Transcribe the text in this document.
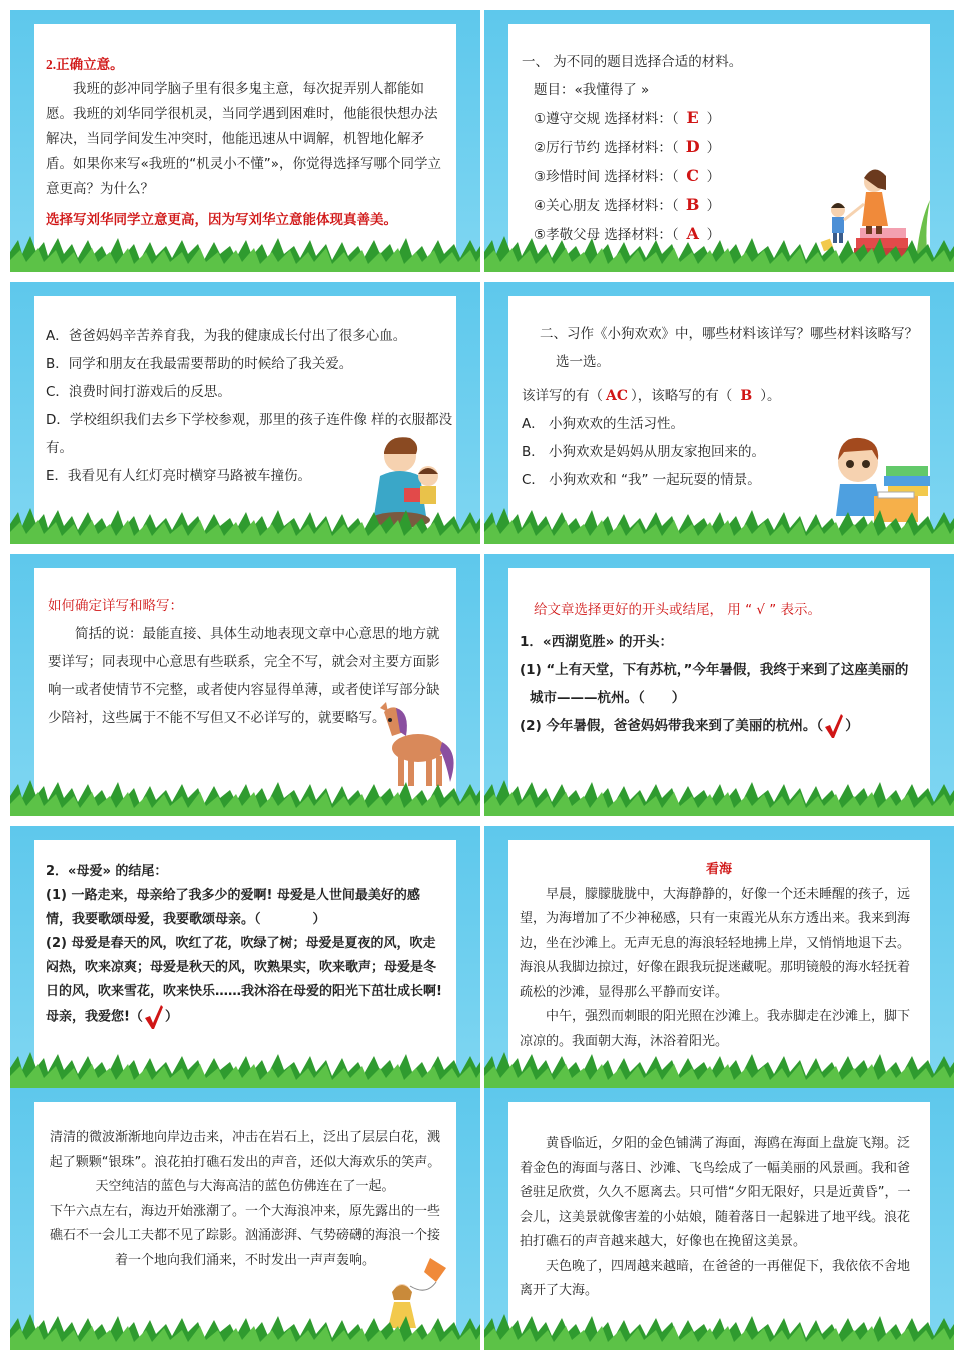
2.正确立意。

我班的彭冲同学脑子里有很多鬼主意，每次捉弄别人都能如愿。我班的刘华同学很机灵，当同学遇到困难时，他能很快想办法解决，当同学间发生冲突时，他能迅速从中调解，机智地化解矛盾。如果你来写«我班的“机灵小不懂”»，你觉得选择写哪个同学立意更高？为什么？

选择写刘华同学立意更高，因为写刘华立意能体现真善美。

一、 为不同的题目选择合适的材料。

题目：«我懂得了 »

①遵守交规 选择材料：（ E ）
②厉行节约 选择材料：（ D ）
③珍惜时间 选择材料：（ C ）
④关心朋友 选择材料：（ B ）
⑤孝敬父母 选择材料：（ A ）

A．爸爸妈妈辛苦养育我，为我的健康成长付出了很多心血。

B．同学和朋友在我最需要帮助的时候给了我关爱。

C．浪费时间打游戏后的反思。

D．学校组织我们去乡下学校参观，那里的孩子连件像 样的衣服都没有。

E．我看见有人红灯亮时横穿马路被车撞伤。

二、习作《小狗欢欢》中，哪些材料该详写？哪些材料该略写？选一选。

该详写的有（ AC ），该略写的有（ B ）。

A． 小狗欢欢的生活习性。

B． 小狗欢欢是妈妈从朋友家抱回来的。

C． 小狗欢欢和 “我” 一起玩耍的情景。

如何确定详写和略写：

简括的说：最能直接、具体生动地表现文章中心意思的地方就要详写；同表现中心意思有些联系，完全不写，就会对主要方面影响一或者使情节不完整，或者使内容显得单薄，或者使详写部分缺少陪衬，这些属于不能不写但又不必详写的，就要略写。

给文章选择更好的开头或结尾， 用 “ √ ” 表示。

1．«西湖览胜» 的开头：

(1) “上有天堂，下有苏杭，”今年暑假，我终于来到了这座美丽的城市———杭州。（　　）

(2) 今年暑假，爸爸妈妈带我来到了美丽的杭州。（ ）

2．«母爱» 的结尾：

(1) 一路走来，母亲给了我多少的爱啊! 母爱是人世间最美好的感情，我要歌颂母爱，我要歌颂母亲。（　　　　）

(2) 母爱是春天的风，吹红了花，吹绿了树；母爱是夏夜的风，吹走闷热，吹来凉爽；母爱是秋天的风，吹熟果实，吹来歌声；母爱是冬日的风，吹来雪花，吹来快乐……我沐浴在母爱的阳光下茁壮成长啊! 母亲，我爱您!（ ）

看海

早晨，朦朦胧胧中，大海静静的，好像一个还未睡醒的孩子，远望，为海增加了不少神秘感，只有一束霞光从东方透出来。我来到海边，坐在沙滩上。无声无息的海浪轻轻地拂上岸，又悄悄地退下去。海浪从我脚边掠过，好像在跟我玩捉迷藏呢。那明镜般的海水轻抚着疏松的沙滩，显得那么平静而安详。

中午，强烈而刺眼的阳光照在沙滩上。我赤脚走在沙滩上，脚下凉凉的。我面朝大海，沐浴着阳光。

清清的微波渐渐地向岸边击来，冲击在岩石上，泛出了层层白花，溅起了颗颗“银珠”。浪花拍打礁石发出的声音，还似大海欢乐的笑声。天空纯洁的蓝色与大海高洁的蓝色仿佛连在了一起。

下午六点左右，海边开始涨潮了。一个大海浪冲来，原先露出的一些礁石不一会儿工夫都不见了踪影。汹涌澎湃、气势磅礴的海浪一个接着一个地向我们涌来，不时发出一声声轰响。

黄昏临近，夕阳的金色铺满了海面，海鸥在海面上盘旋飞翔。泛着金色的海面与落日、沙滩、飞鸟绘成了一幅美丽的风景画。我和爸爸驻足欣赏，久久不愿离去。只可惜“夕阳无限好，只是近黄昏”，一会儿，这美景就像害羞的小姑娘，随着落日一起躲进了地平线。浪花拍打礁石的声音越来越大，好像也在挽留这美景。

天色晚了，四周越来越暗，在爸爸的一再催促下，我依依不舍地离开了大海。
